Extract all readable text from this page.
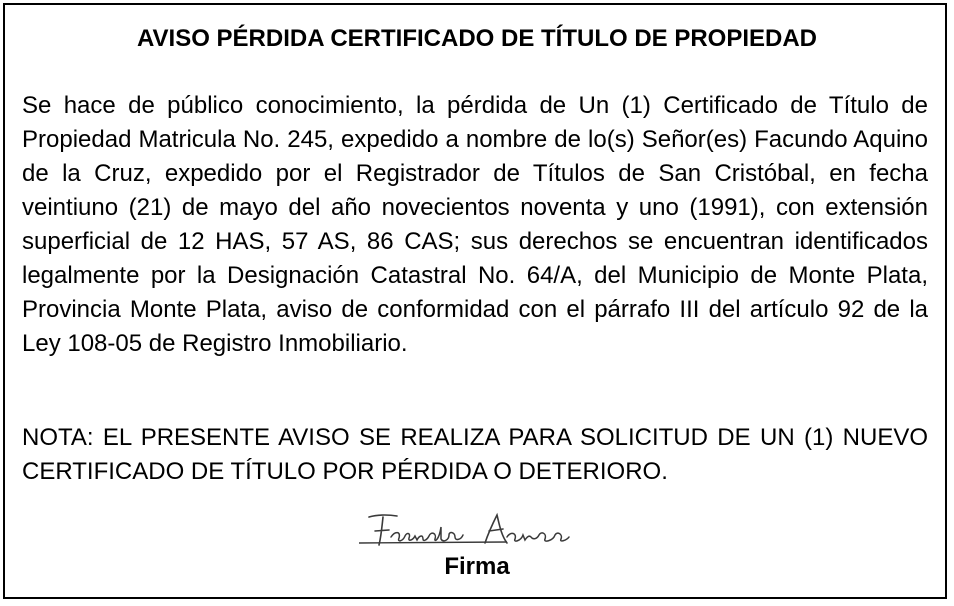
AVISO PÉRDIDA CERTIFICADO DE TÍTULO DE PROPIEDAD

Se hace de público conocimiento, la pérdida de Un (1) Certificado de Título de Propiedad Matricula No. 245, expedido a nombre de lo(s) Señor(es) Facundo Aquino de la Cruz, expedido por el Registrador de Títulos de San Cristóbal, en fecha veintiuno (21) de mayo del año novecientos noventa y uno (1991), con extensión superficial de 12 HAS, 57 AS, 86 CAS; sus derechos se encuentran identificados legalmente por la Designación Catastral No. 64/A, del Municipio de Monte Plata, Provincia Monte Plata, aviso de conformidad con el párrafo III del artículo 92 de la Ley 108-05 de Registro Inmobiliario.

NOTA: EL PRESENTE AVISO SE REALIZA PARA SOLICITUD DE UN (1) NUEVO CERTIFICADO DE TÍTULO POR PÉRDIDA O DETERIORO.

Firma
